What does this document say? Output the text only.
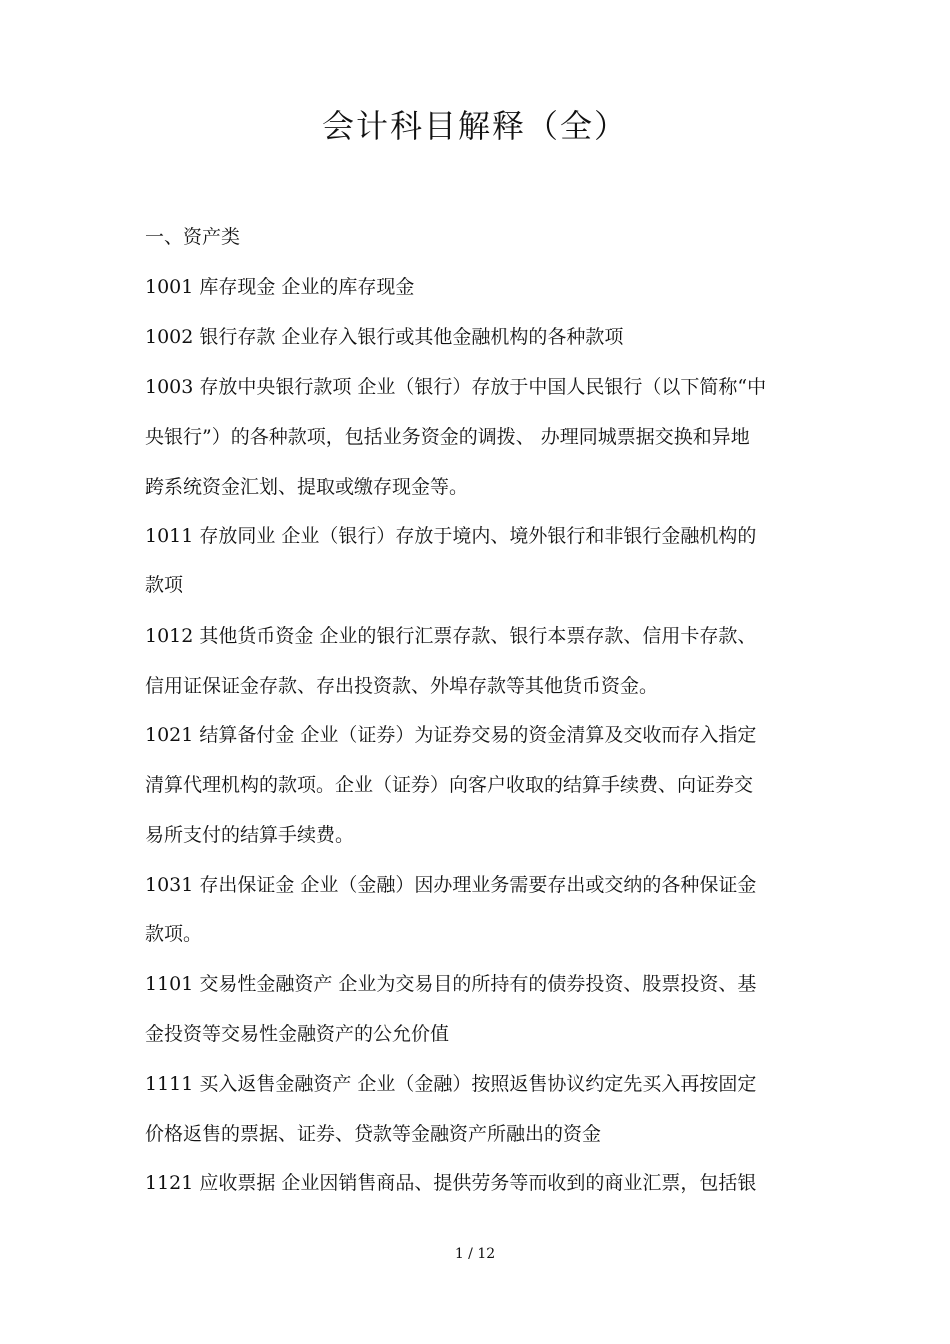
会计科目解释（全）
一、资产类
1001 库存现金 企业的库存现金
1002 银行存款 企业存入银行或其他金融机构的各种款项
1003 存放中央银行款项 企业（银行）存放于中国人民银行（以下简称“中
央银行”）的各种款项，包括业务资金的调拨、 办理同城票据交换和异地
跨系统资金汇划、提取或缴存现金等。
1011 存放同业 企业（银行）存放于境内、境外银行和非银行金融机构的
款项
1012 其他货币资金 企业的银行汇票存款、银行本票存款、信用卡存款、
信用证保证金存款、存出投资款、外埠存款等其他货币资金。
1021 结算备付金 企业（证券）为证券交易的资金清算及交收而存入指定
清算代理机构的款项。企业（证券）向客户收取的结算手续费、向证券交
易所支付的结算手续费。
1031 存出保证金 企业（金融）因办理业务需要存出或交纳的各种保证金
款项。
1101 交易性金融资产 企业为交易目的所持有的债券投资、股票投资、基
金投资等交易性金融资产的公允价值
1111 买入返售金融资产 企业（金融）按照返售协议约定先买入再按固定
价格返售的票据、证券、贷款等金融资产所融出的资金
1121 应收票据 企业因销售商品、提供劳务等而收到的商业汇票，包括银
1 / 12
